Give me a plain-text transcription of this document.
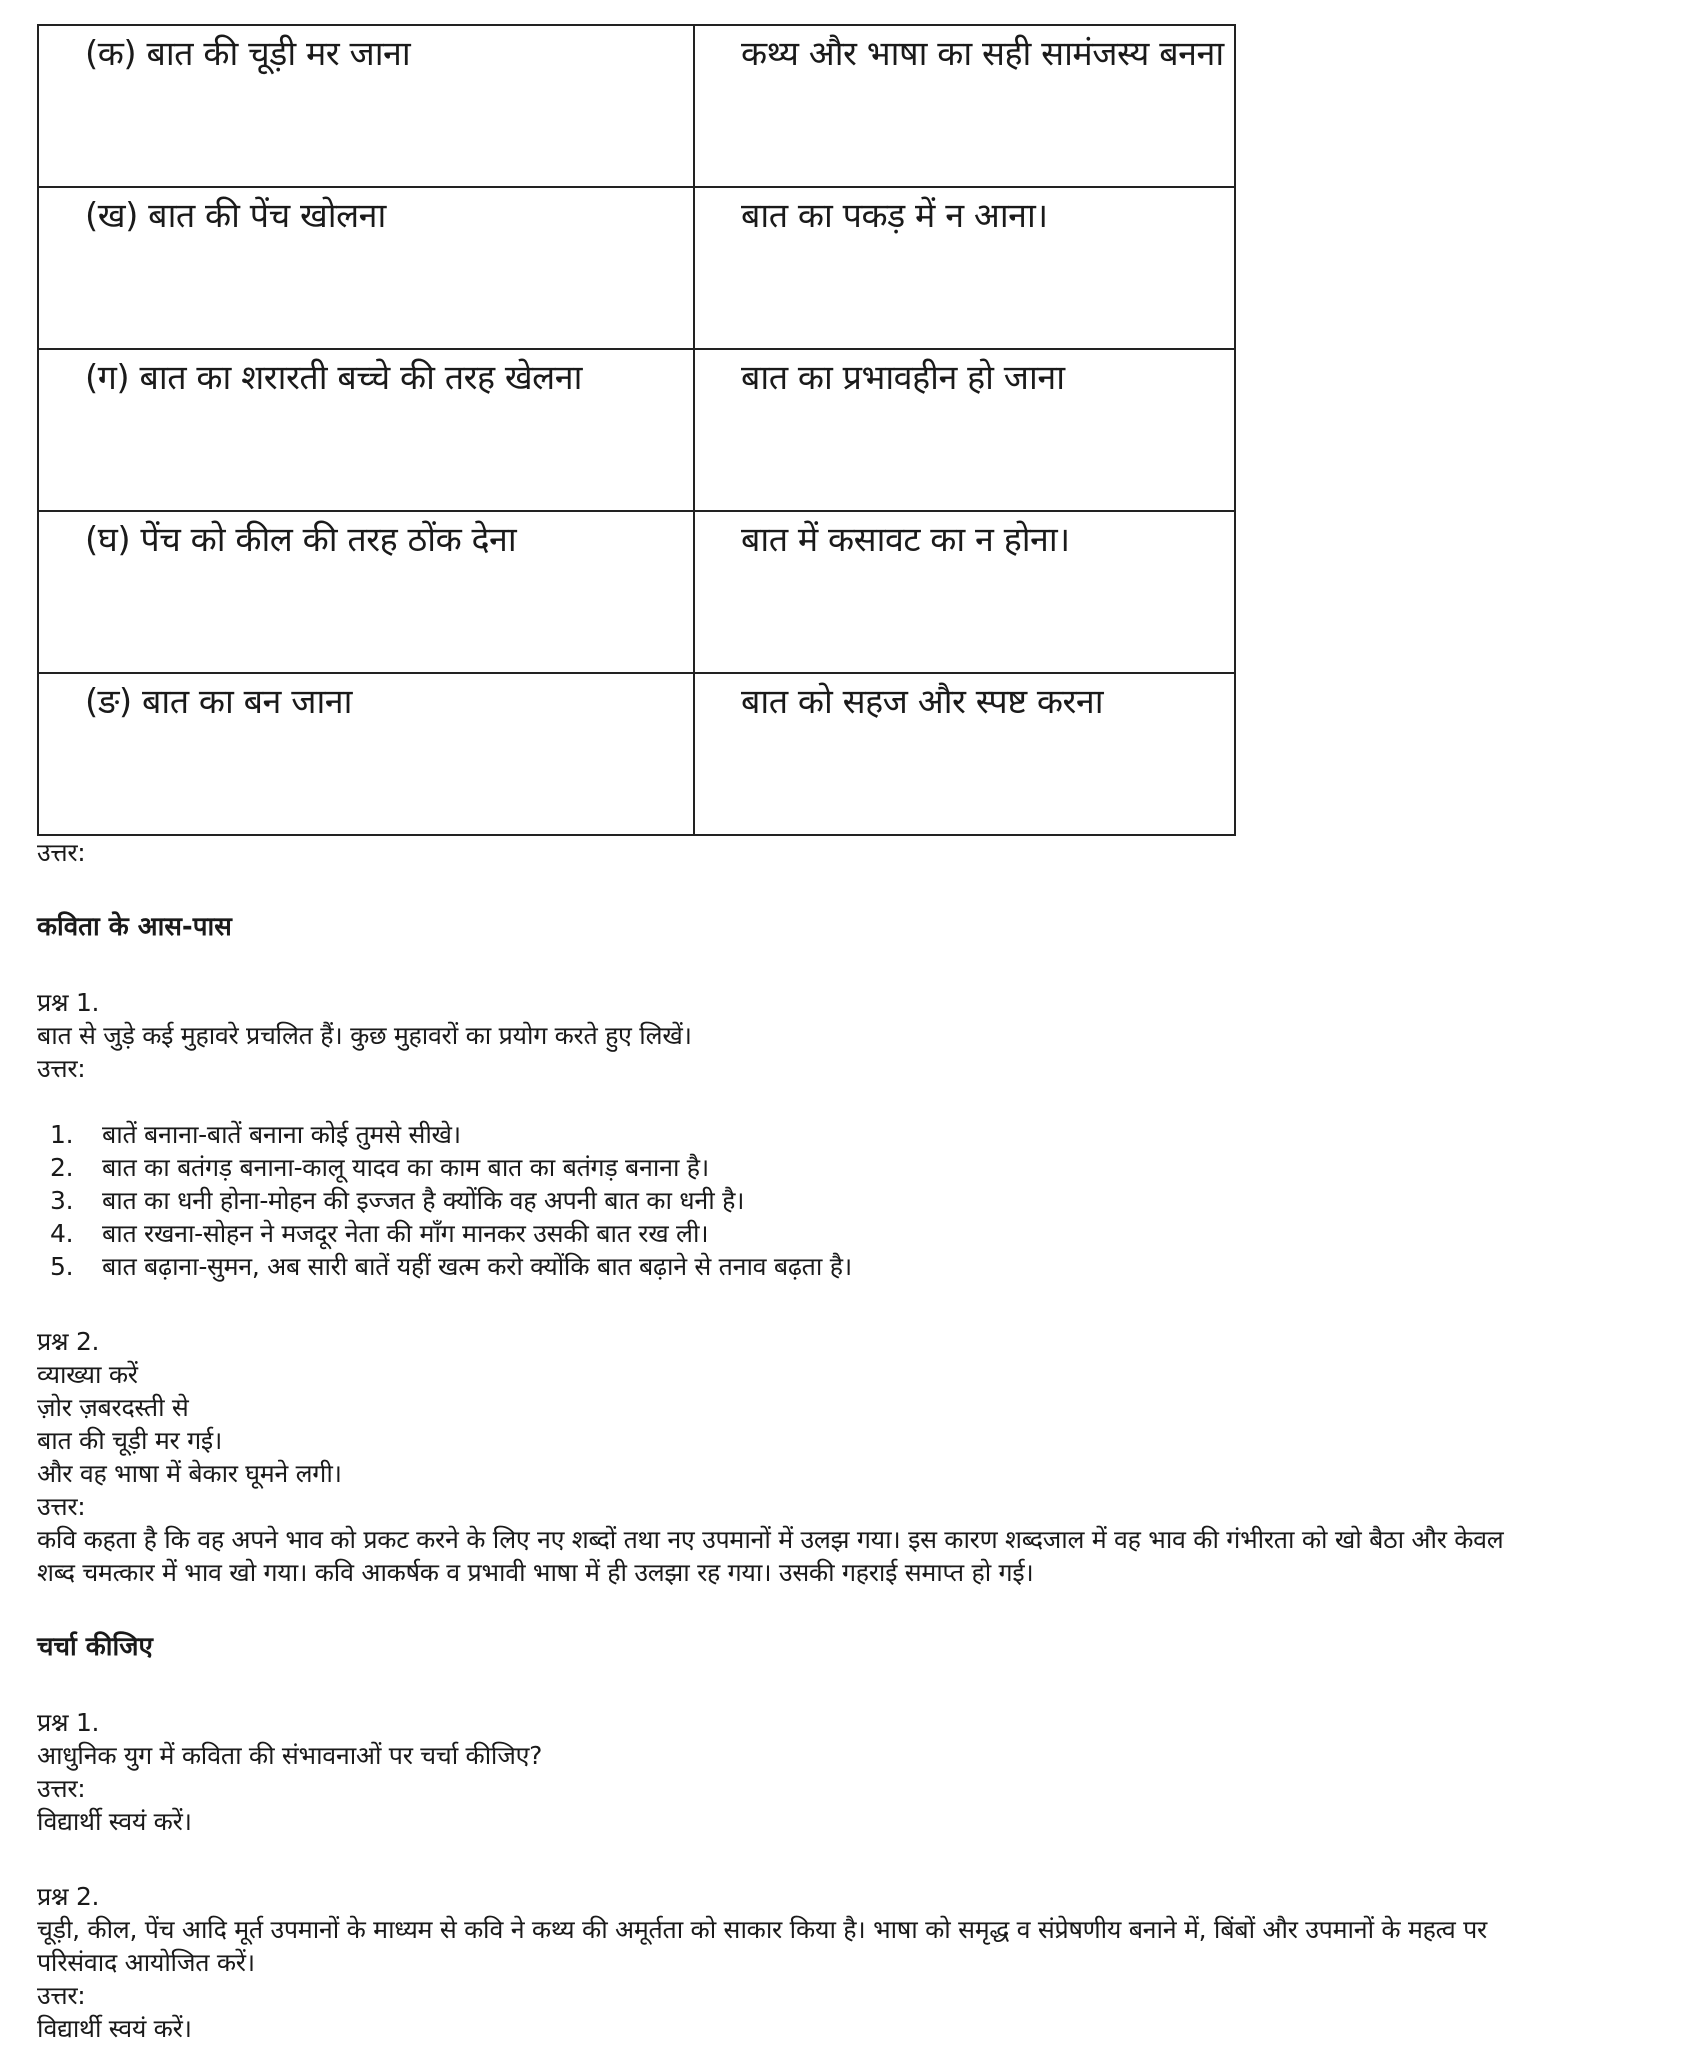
(क) बात की चूड़ी मर जाना	कथ्य और भाषा का सही सामंजस्य बनना
(ख) बात की पेंच खोलना	बात का पकड़ में न आना।
(ग) बात का शरारती बच्चे की तरह खेलना	बात का प्रभावहीन हो जाना
(घ) पेंच को कील की तरह ठोंक देना	बात में कसावट का न होना।
(ङ) बात का बन जाना	बात को सहज और स्पष्ट करना
उत्तर:
कविता के आस-पास
प्रश्न 1.
बात से जुड़े कई मुहावरे प्रचलित हैं। कुछ मुहावरों का प्रयोग करते हुए लिखें।
उत्तर:
1.	बातें बनाना-बातें बनाना कोई तुमसे सीखे।
2.	बात का बतंगड़ बनाना-कालू यादव का काम बात का बतंगड़ बनाना है।
3.	बात का धनी होना-मोहन की इज्जत है क्योंकि वह अपनी बात का धनी है।
4.	बात रखना-सोहन ने मजदूर नेता की माँग मानकर उसकी बात रख ली।
5.	बात बढ़ाना-सुमन, अब सारी बातें यहीं खत्म करो क्योंकि बात बढ़ाने से तनाव बढ़ता है।
प्रश्न 2.
व्याख्या करें
ज़ोर ज़बरदस्ती से
बात की चूड़ी मर गई।
और वह भाषा में बेकार घूमने लगी।
उत्तर:
कवि कहता है कि वह अपने भाव को प्रकट करने के लिए नए शब्दों तथा नए उपमानों में उलझ गया। इस कारण शब्दजाल में वह भाव की गंभीरता को खो बैठा और केवल
शब्द चमत्कार में भाव खो गया। कवि आकर्षक व प्रभावी भाषा में ही उलझा रह गया। उसकी गहराई समाप्त हो गई।
चर्चा कीजिए
प्रश्न 1.
आधुनिक युग में कविता की संभावनाओं पर चर्चा कीजिए?
उत्तर:
विद्यार्थी स्वयं करें।
प्रश्न 2.
चूड़ी, कील, पेंच आदि मूर्त उपमानों के माध्यम से कवि ने कथ्य की अमूर्तता को साकार किया है। भाषा को समृद्ध व संप्रेषणीय बनाने में, बिंबों और उपमानों के महत्व पर
परिसंवाद आयोजित करें।
उत्तर:
विद्यार्थी स्वयं करें।
